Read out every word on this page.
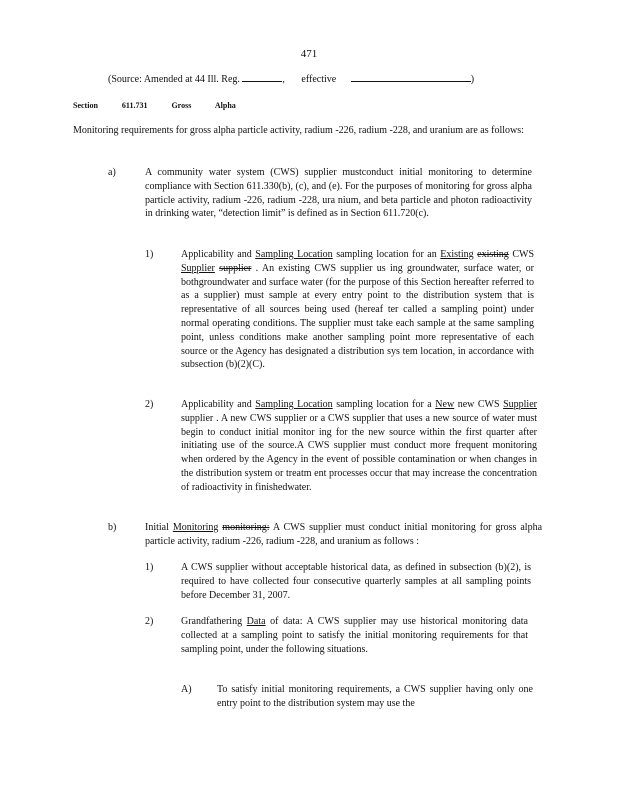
471
(Source: Amended at 44 Ill. Reg.	, effective	)
Section	611.731	Gross	Alpha
Monitoring requirements for gross alpha particle activity, radium -226, radium -228, and uranium are as follows:
a)	A community water system (CWS) supplier mustconduct initial monitoring to determine compliance with Section 611.330(b), (c), and (e). For the purposes of monitoring for gross alpha particle activity, radium -226, radium -228, ura nium, and beta particle and photon radioactivity in drinking water, “detection limit” is defined as in Section 611.720(c).
1)	Applicability and Sampling Location sampling location for an Existing existing CWS Supplier supplier . An existing CWS supplier us ing groundwater, surface water, or bothgroundwater and surface water (for the purpose of this Section hereafter referred to as a supplier) must sample at every entry point to the distribution system that is representative of all sources being used (hereaf ter called a sampling point) under normal operating conditions. The supplier must take each sample at the same sampling point, unless conditions make another sampling point more representative of each source or the Agency has designated a distribution sys tem location, in accordance with subsection (b)(2)(C).
2)	Applicability and Sampling Location sampling location for a New new CWS Supplier supplier . A new CWS supplier or a CWS supplier that uses a new source of water must begin to conduct initial monitor ing for the new source within the first quarter after initiating use of the source.A CWS supplier must conduct more frequent monitoring when ordered by the Agency in the event of possible contamination or when changes in the distribution system or treatm ent processes occur that may increase the concentration of radioactivity in finishedwater.
b)	Initial Monitoring monitoring: A CWS supplier must conduct initial monitoring for gross alpha particle activity, radium -226, radium -228, and uranium as follows :
1)	A CWS supplier without acceptable historical data, as defined in subsection (b)(2), is required to have collected four consecutive quarterly samples at all sampling points before December 31, 2007.
2)	Grandfathering Data of data: A CWS supplier may use historical monitoring data collected at a sampling point to satisfy the initial monitoring requirements for that sampling point, under the following situations.
A)	To satisfy initial monitoring requirements, a CWS supplier having only one entry point to the distribution system may use the
